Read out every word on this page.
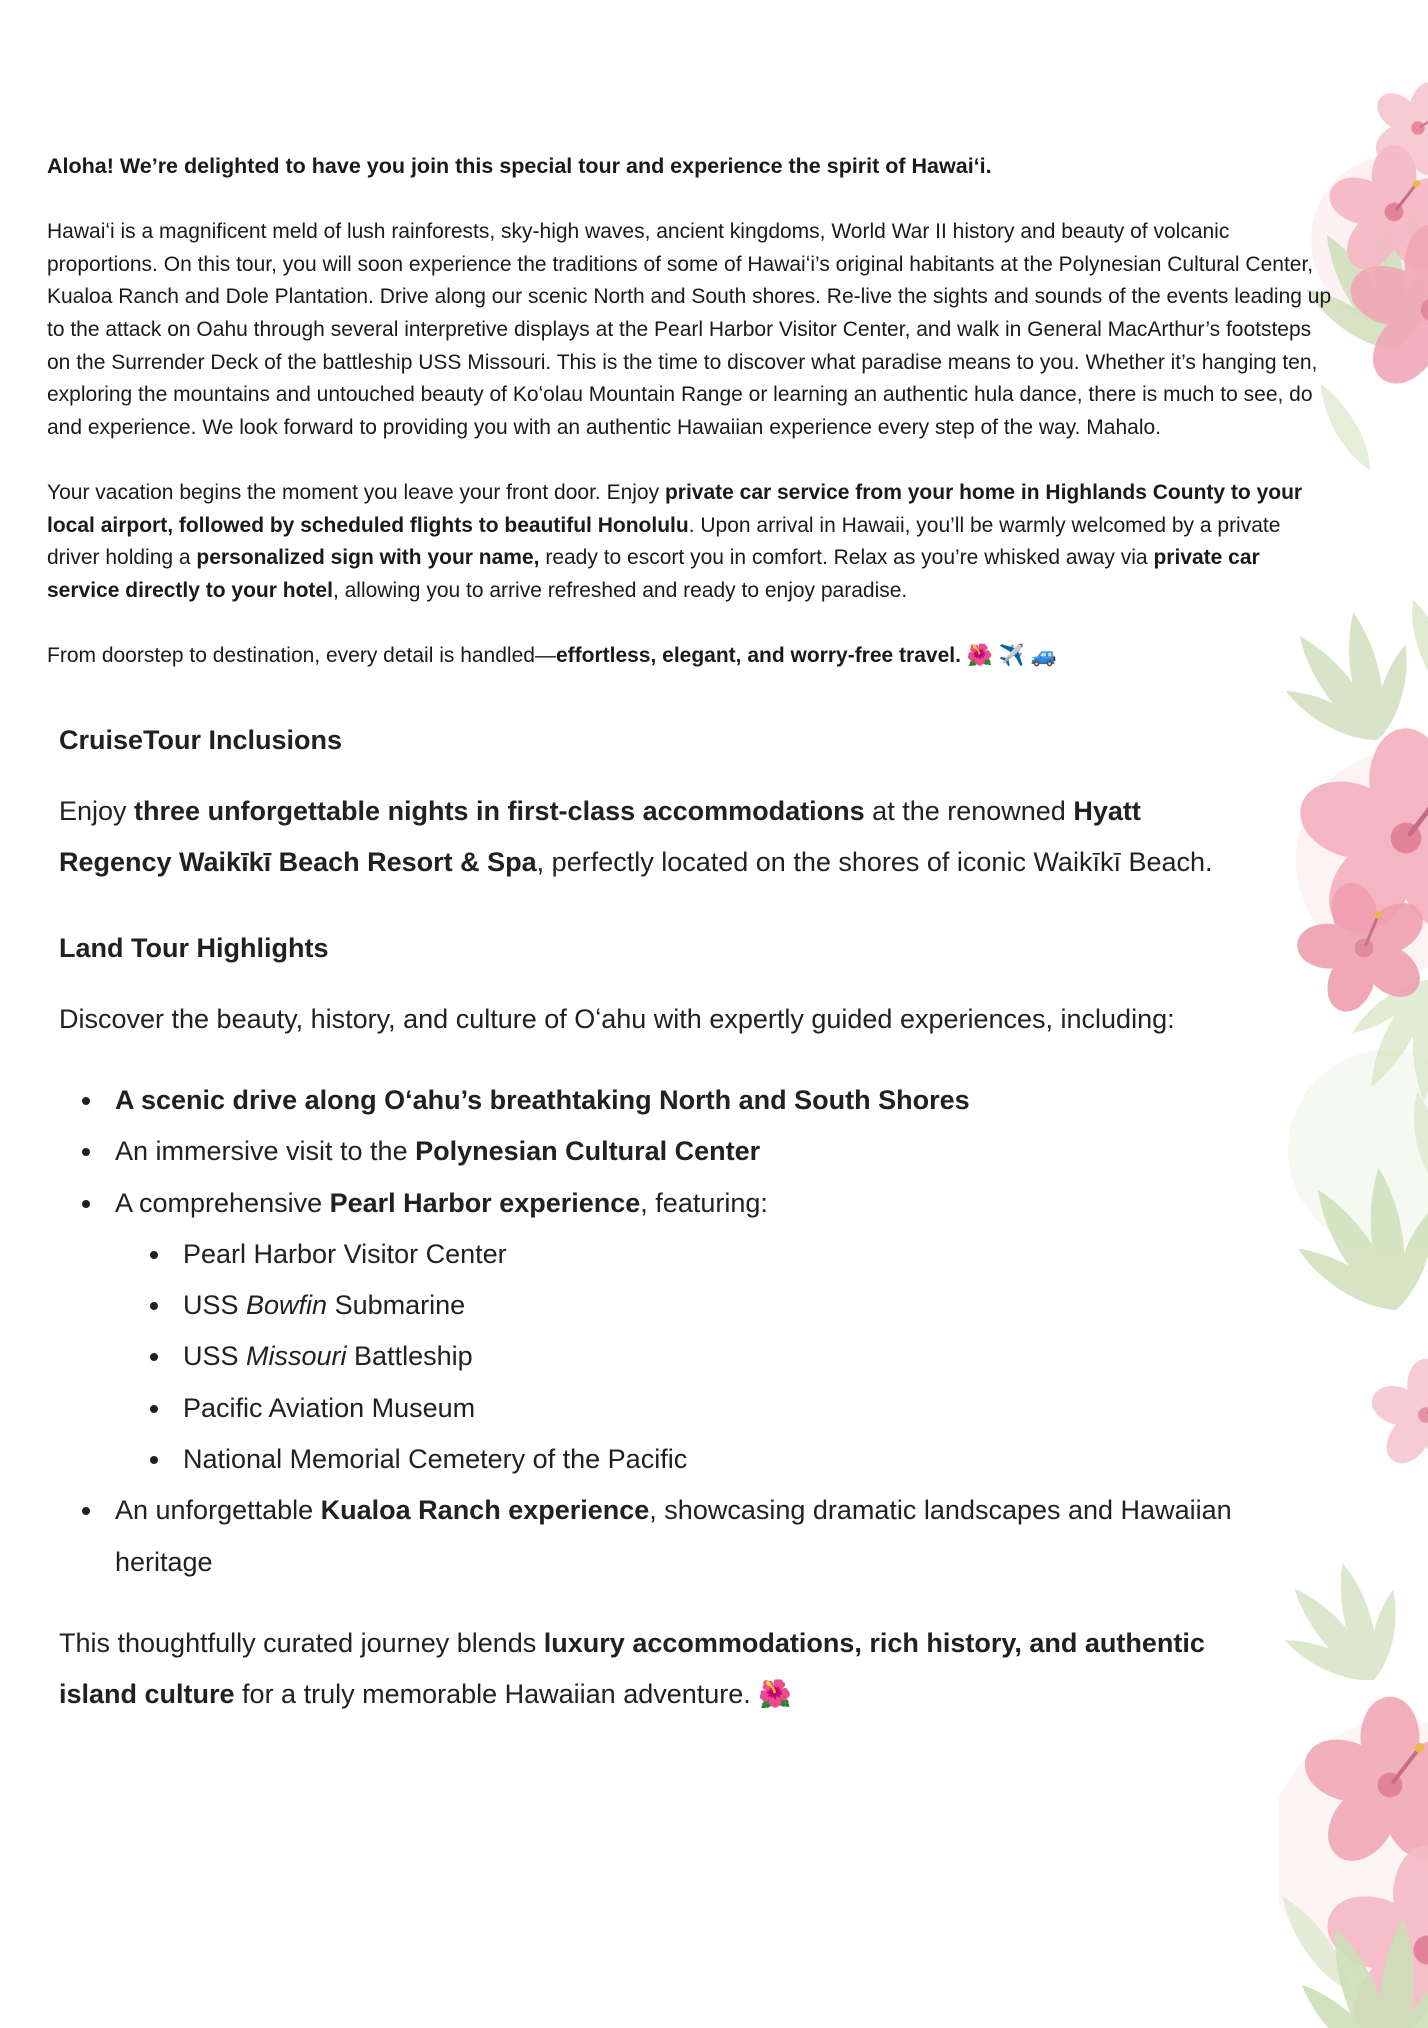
Aloha! We’re delighted to have you join this special tour and experience the spirit of Hawaiʻi.

Hawaiʻi is a magnificent meld of lush rainforests, sky-high waves, ancient kingdoms, World War II history and beauty of volcanic proportions. On this tour, you will soon experience the traditions of some of Hawaiʻi’s original habitants at the Polynesian Cultural Center, Kualoa Ranch and Dole Plantation. Drive along our scenic North and South shores. Re-live the sights and sounds of the events leading up to the attack on Oahu through several interpretive displays at the Pearl Harbor Visitor Center, and walk in General MacArthur’s footsteps on the Surrender Deck of the battleship USS Missouri. This is the time to discover what paradise means to you. Whether it’s hanging ten, exploring the mountains and untouched beauty of Koʻolau Mountain Range or learning an authentic hula dance, there is much to see, do and experience. We look forward to providing you with an authentic Hawaiian experience every step of the way. Mahalo.

Your vacation begins the moment you leave your front door. Enjoy private car service from your home in Highlands County to your local airport, followed by scheduled flights to beautiful Honolulu. Upon arrival in Hawaii, you’ll be warmly welcomed by a private driver holding a personalized sign with your name, ready to escort you in comfort. Relax as you’re whisked away via private car service directly to your hotel, allowing you to arrive refreshed and ready to enjoy paradise.

From doorstep to destination, every detail is handled—effortless, elegant, and worry-free travel. 🌺 ✈️ 🚙

CruiseTour Inclusions

Enjoy three unforgettable nights in first-class accommodations at the renowned Hyatt Regency Waikīkī Beach Resort & Spa, perfectly located on the shores of iconic Waikīkī Beach.

Land Tour Highlights

Discover the beauty, history, and culture of Oʻahu with expertly guided experiences, including:

• A scenic drive along Oʻahu’s breathtaking North and South Shores
• An immersive visit to the Polynesian Cultural Center
• A comprehensive Pearl Harbor experience, featuring:
• Pearl Harbor Visitor Center
• USS Bowfin Submarine
• USS Missouri Battleship
• Pacific Aviation Museum
• National Memorial Cemetery of the Pacific
• An unforgettable Kualoa Ranch experience, showcasing dramatic landscapes and Hawaiian heritage

This thoughtfully curated journey blends luxury accommodations, rich history, and authentic island culture for a truly memorable Hawaiian adventure. 🌺
